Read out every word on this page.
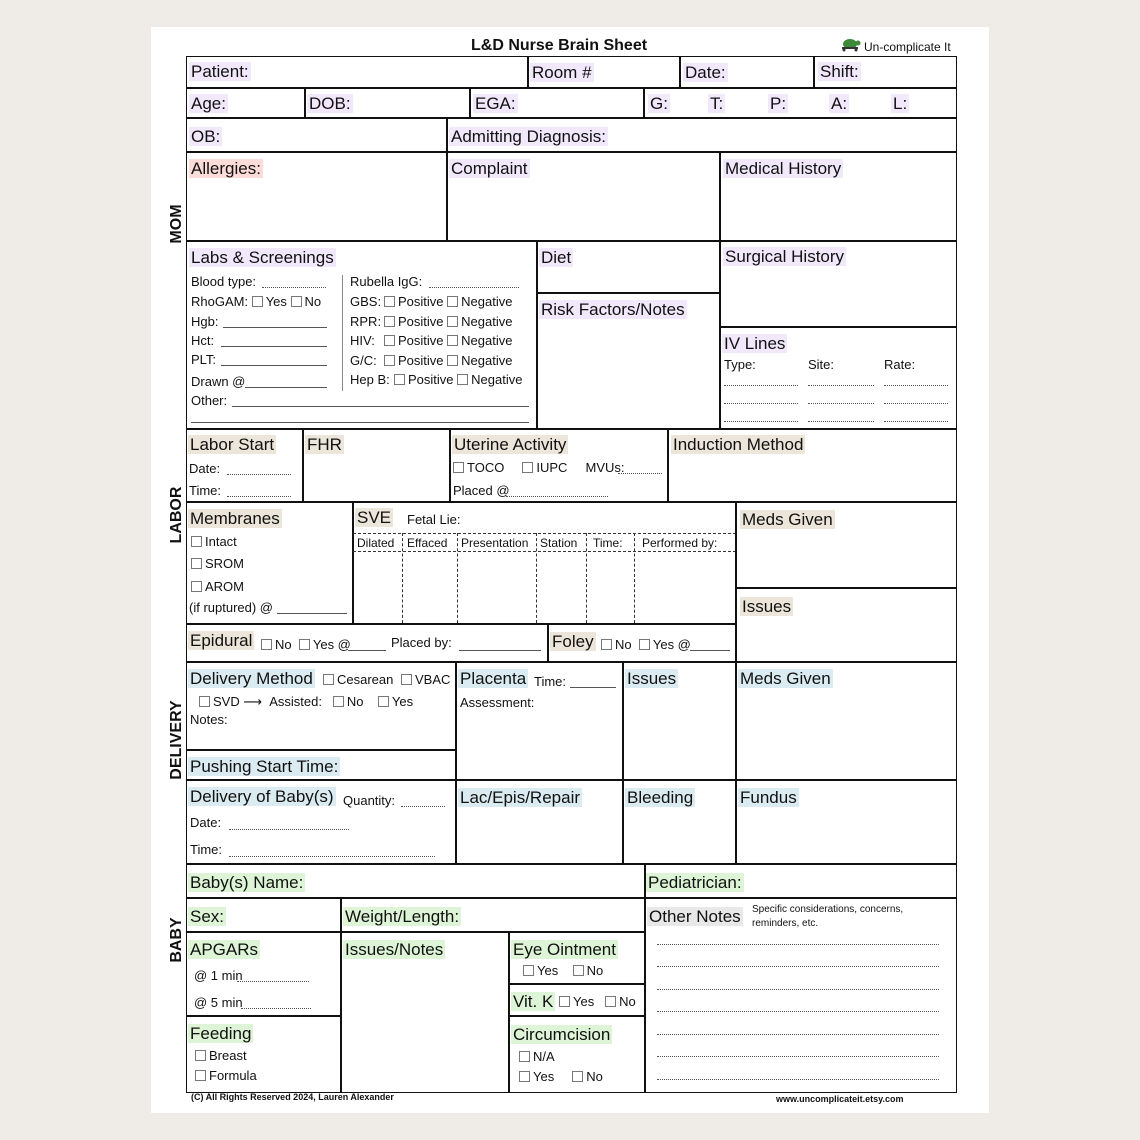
L&D Nurse Brain Sheet	Un-complicate It
MOM
LABOR
DELIVERY
BABY
Patient:	Room #	Date:	Shift:
Age:	DOB:	EGA:	G: T:	P:	A:	L:
OB:	Admitting Diagnosis:
Allergies:	Complaint	Medical History
Labs & Screenings
Blood type:
RhoGAM: Yes No
Hgb:
Hct:
PLT:
Drawn @
Other:
Rubella IgG:
GBS: Positive Negative
RPR: Positive Negative
HIV: Positive Negative
G/C: Positive Negative
Hep B: Positive Negative
Diet
Risk Factors/Notes
Surgical History
IV Lines
Type:	Site:	Rate:
Labor Start
Date:
Time:
FHR	Uterine Activity
TOCO IUPC MVUs:
Placed @
Induction Method
Membranes
Intact
SROM
AROM
(if ruptured) @
SVE Fetal Lie:
Dilated Effaced Presentation Station Time: Performed by:
Meds Given
Issues
Epidural	No Yes @	Placed by:	Foley	No Yes @
Delivery Method	Cesarean	VBAC
SVD ⟶ Assisted: No Yes
Notes:
Pushing Start Time:
Placenta Time:
Assessment:
Issues	Meds Given
Delivery of Baby(s) Quantity:
Date:
Time:
Lac/Epis/Repair	Bleeding	Fundus
Baby(s) Name:	Pediatrician:
Sex:	Weight/Length:	Other Notes Specific considerations, concerns, reminders, etc.
APGARs
@ 1 min
@ 5 min
Feeding
Breast
Formula
Issues/Notes	Eye Ointment
Yes No
Vit. K	Yes No
Circumcision
N/A
Yes No
(C) All Rights Reserved 2024, Lauren Alexander	www.uncomplicateit.etsy.com
